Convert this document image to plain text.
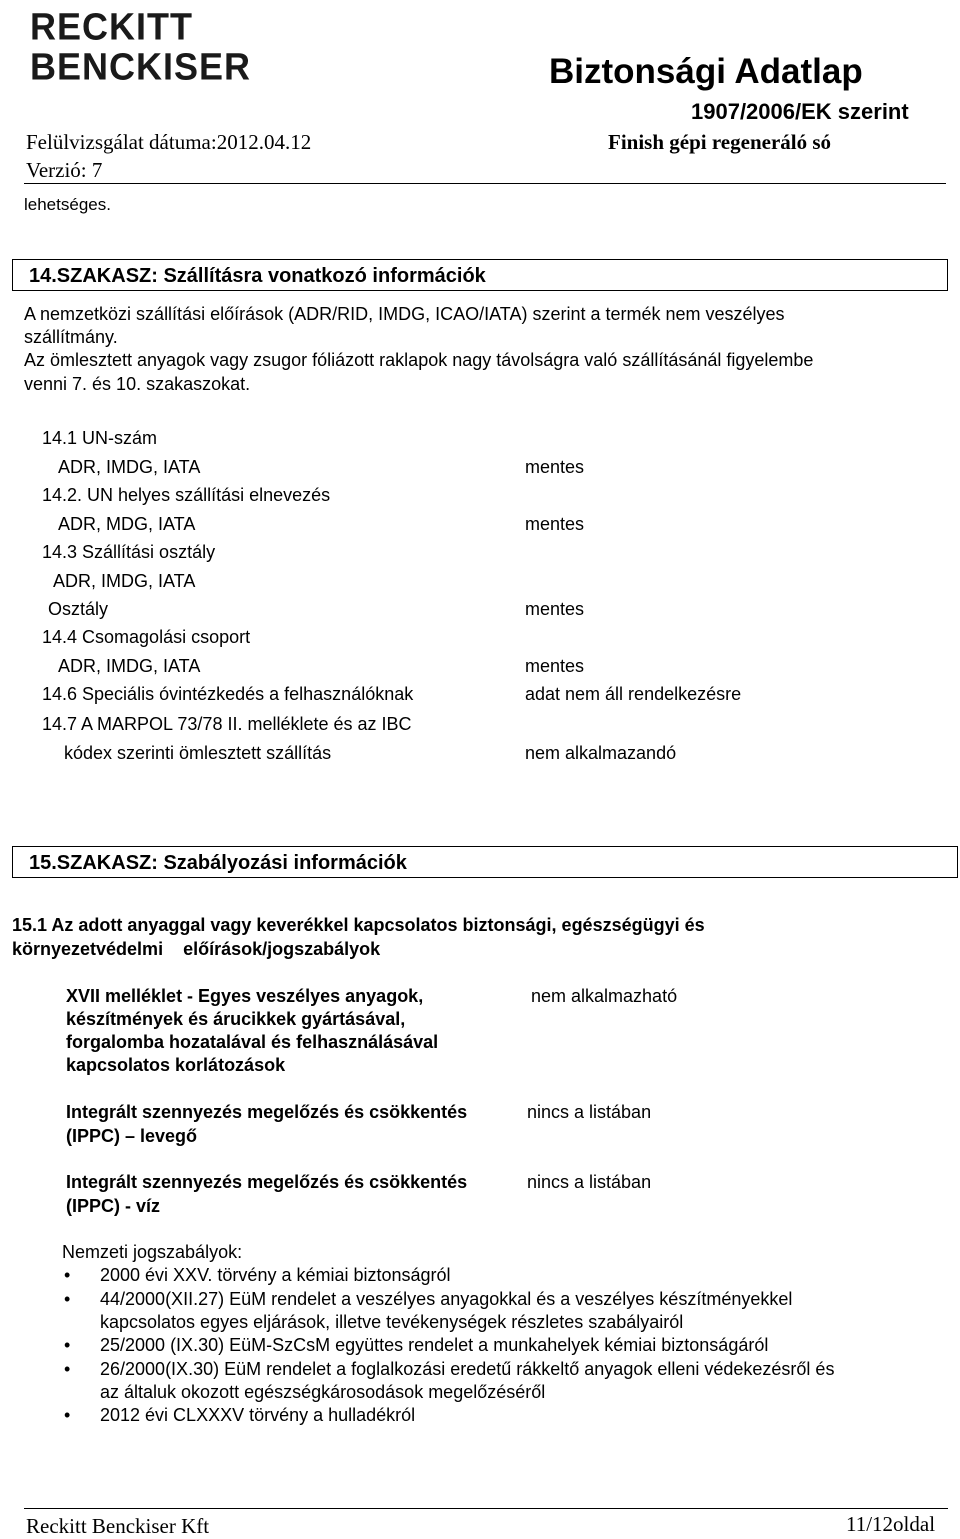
RECKITT
BENCKISER	Biztonsági Adatlap
1907/2006/EK szerint
Felülvizsgálat dátuma:2012.04.12	Finish gépi regeneráló só
Verzió: 7
lehetséges.
14.SZAKASZ: Szállításra vonatkozó információk
A nemzetközi szállítási előírások (ADR/RID, IMDG, ICAO/IATA) szerint a termék nem veszélyes
szállítmány.
Az ömlesztett anyagok vagy zsugor fóliázott raklapok nagy távolságra való szállításánál figyelembe
venni 7. és 10. szakaszokat.
14.1 UN-szám
ADR, IMDG, IATA	mentes
14.2. UN helyes szállítási elnevezés
ADR, MDG, IATA	mentes
14.3 Szállítási osztály
ADR, IMDG, IATA
Osztály	mentes
14.4 Csomagolási csoport
ADR, IMDG, IATA	mentes
14.6 Speciális óvintézkedés a felhasználóknak	adat nem áll rendelkezésre
14.7 A MARPOL 73/78 II. melléklete és az IBC
kódex szerinti ömlesztett szállítás	nem alkalmazandó
15.SZAKASZ: Szabályozási információk
15.1 Az adott anyaggal vagy keverékkel kapcsolatos biztonsági, egészségügyi és
környezetvédelmi    előírások/jogszabályok
XVII melléklet - Egyes veszélyes anyagok,
készítmények és árucikkek gyártásával,
forgalomba hozatalával és felhasználásával
kapcsolatos korlátozások
nem alkalmazható
Integrált szennyezés megelőzés és csökkentés
(IPPC) – levegő
nincs a listában
Integrált szennyezés megelőzés és csökkentés
(IPPC) - víz
nincs a listában
Nemzeti jogszabályok:
• 2000 évi XXV. törvény a kémiai biztonságról
• 44/2000(XII.27) EüM rendelet a veszélyes anyagokkal és a veszélyes készítményekkel
kapcsolatos egyes eljárások, illetve tevékenységek részletes szabályairól
• 25/2000 (IX.30) EüM-SzCsM együttes rendelet a munkahelyek kémiai biztonságáról
• 26/2000(IX.30) EüM rendelet a foglalkozási eredetű rákkeltő anyagok elleni védekezésről és
az általuk okozott egészségkárosodások megelőzéséről
• 2012 évi CLXXXV törvény a hulladékról
Reckitt Benckiser Kft	11/12oldal
